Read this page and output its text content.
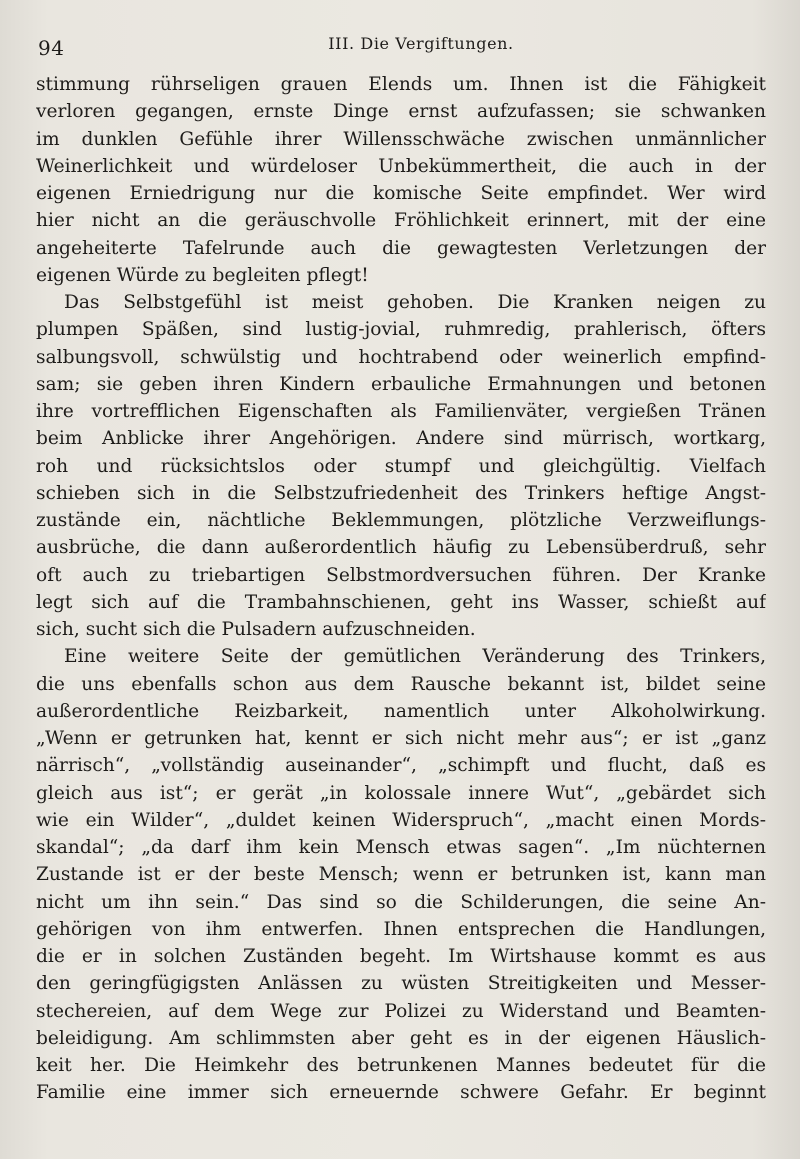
94	III. Die Vergiftungen.
stimmung rührseligen grauen Elends um. Ihnen ist die Fähigkeit
verloren gegangen, ernste Dinge ernst aufzufassen; sie schwanken
im dunklen Gefühle ihrer Willensschwäche zwischen unmännlicher
Weinerlichkeit und würdeloser Unbekümmertheit, die auch in der
eigenen Erniedrigung nur die komische Seite empfindet. Wer wird
hier nicht an die geräuschvolle Fröhlichkeit erinnert, mit der eine
angeheiterte Tafelrunde auch die gewagtesten Verletzungen der
eigenen Würde zu begleiten pflegt!
Das Selbstgefühl ist meist gehoben. Die Kranken neigen zu
plumpen Späßen, sind lustig-jovial, ruhmredig, prahlerisch, öfters
salbungsvoll, schwülstig und hochtrabend oder weinerlich empfind-
sam; sie geben ihren Kindern erbauliche Ermahnungen und betonen
ihre vortrefflichen Eigenschaften als Familienväter, vergießen Tränen
beim Anblicke ihrer Angehörigen. Andere sind mürrisch, wortkarg,
roh und rücksichtslos oder stumpf und gleichgültig. Vielfach
schieben sich in die Selbstzufriedenheit des Trinkers heftige Angst-
zustände ein, nächtliche Beklemmungen, plötzliche Verzweiflungs-
ausbrüche, die dann außerordentlich häufig zu Lebensüberdruß, sehr
oft auch zu triebartigen Selbstmordversuchen führen. Der Kranke
legt sich auf die Trambahnschienen, geht ins Wasser, schießt auf
sich, sucht sich die Pulsadern aufzuschneiden.
Eine weitere Seite der gemütlichen Veränderung des Trinkers,
die uns ebenfalls schon aus dem Rausche bekannt ist, bildet seine
außerordentliche Reizbarkeit, namentlich unter Alkoholwirkung.
„Wenn er getrunken hat, kennt er sich nicht mehr aus“; er ist „ganz
närrisch“, „vollständig auseinander“, „schimpft und flucht, daß es
gleich aus ist“; er gerät „in kolossale innere Wut“, „gebärdet sich
wie ein Wilder“, „duldet keinen Widerspruch“, „macht einen Mords-
skandal“; „da darf ihm kein Mensch etwas sagen“. „Im nüchternen
Zustande ist er der beste Mensch; wenn er betrunken ist, kann man
nicht um ihn sein.“ Das sind so die Schilderungen, die seine An-
gehörigen von ihm entwerfen. Ihnen entsprechen die Handlungen,
die er in solchen Zuständen begeht. Im Wirtshause kommt es aus
den geringfügigsten Anlässen zu wüsten Streitigkeiten und Messer-
stechereien, auf dem Wege zur Polizei zu Widerstand und Beamten-
beleidigung. Am schlimmsten aber geht es in der eigenen Häuslich-
keit her. Die Heimkehr des betrunkenen Mannes bedeutet für die
Familie eine immer sich erneuernde schwere Gefahr. Er beginnt
